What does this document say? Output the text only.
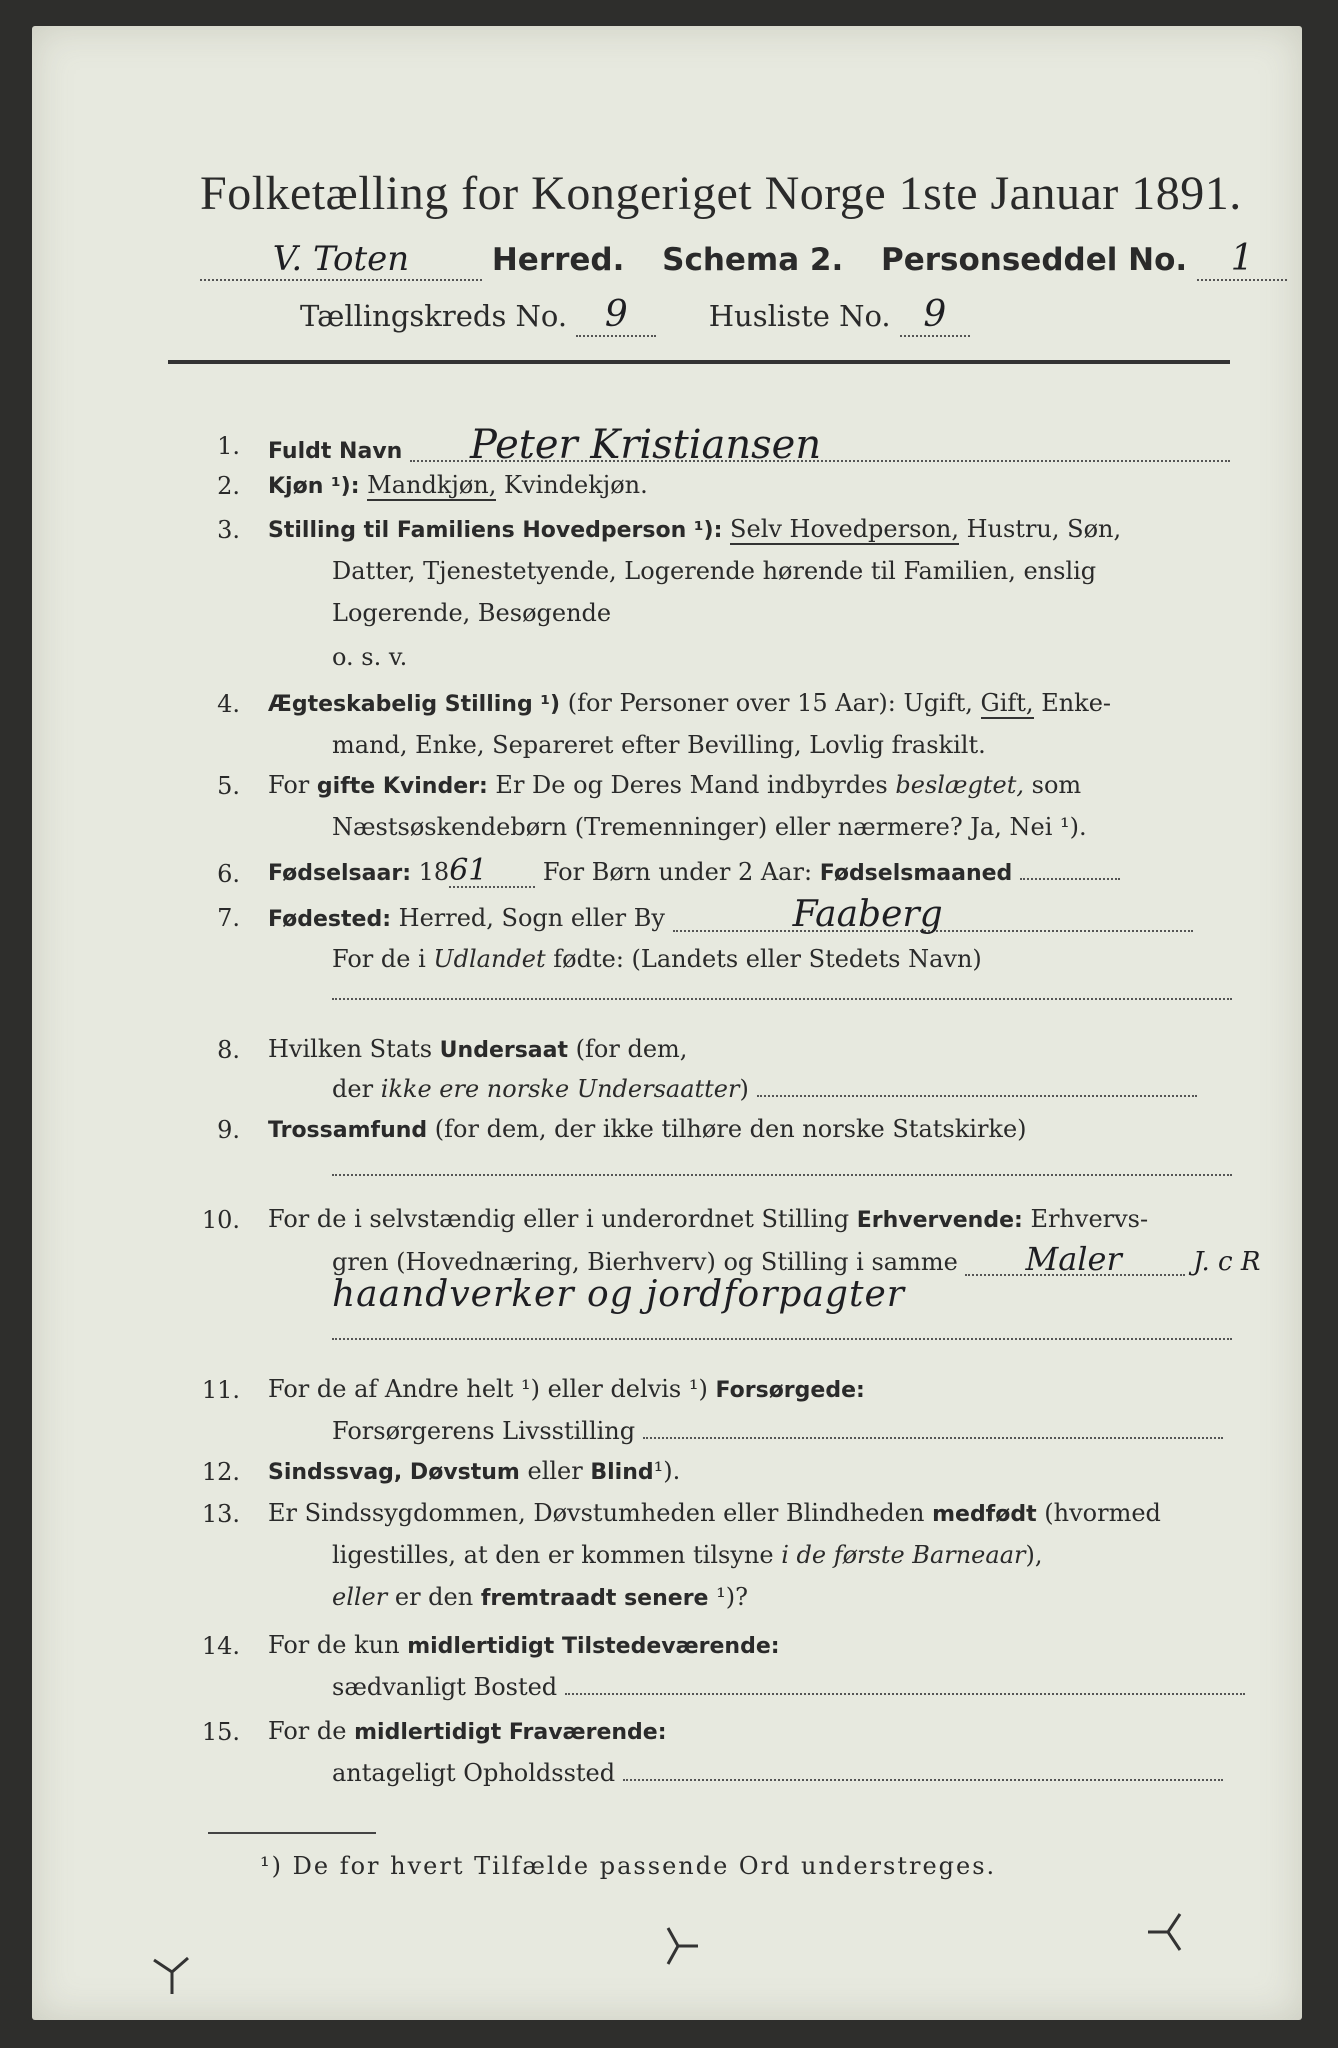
Folketælling for Kongeriget Norge 1ste Januar 1891.
V. Toten	Herred. Schema 2. Personseddel No. 1
Tællingskreds No. 9	Husliste No. 9
1. Fuldt Navn Peter Kristiansen
2. Kjøn ¹): Mandkjøn, Kvindekjøn.
3. Stilling til Familiens Hovedperson ¹): Selv Hovedperson, Hustru, Søn,
Datter, Tjenestetyende, Logerende hørende til Familien, enslig
Logerende, Besøgende
o. s. v.
4. Ægteskabelig Stilling ¹) (for Personer over 15 Aar): Ugift, Gift, Enke-
mand, Enke, Separeret efter Bevilling, Lovlig fraskilt.
5. For gifte Kvinder: Er De og Deres Mand indbyrdes beslægtet, som
Næstsøskendebørn (Tremenninger) eller nærmere? Ja, Nei ¹).
6. Fødselsaar: 1861 For Børn under 2 Aar: Fødselsmaaned
7. Fødested: Herred, Sogn eller By	Faaberg
For de i Udlandet fødte: (Landets eller Stedets Navn)
8. Hvilken Stats Undersaat (for dem,
der ikke ere norske Undersaatter)
9. Trossamfund (for dem, der ikke tilhøre den norske Statskirke)
10. For de i selvstændig eller i underordnet Stilling Erhvervende: Erhvervs-
gren (Hovednæring, Bierhverv) og Stilling i samme Maler	J. c R
haandverker og jordforpagter
11. For de af Andre helt ¹) eller delvis ¹) Forsørgede:
Forsørgerens Livsstilling
12. Sindssvag, Døvstum eller Blind¹).
13. Er Sindssygdommen, Døvstumheden eller Blindheden medfødt (hvormed
ligestilles, at den er kommen tilsyne i de første Barneaar),
eller er den fremtraadt senere ¹)?
14. For de kun midlertidigt Tilstedeværende:
sædvanligt Bosted
15. For de midlertidigt Fraværende:
antageligt Opholdssted
¹) De for hvert Tilfælde passende Ord understreges.
